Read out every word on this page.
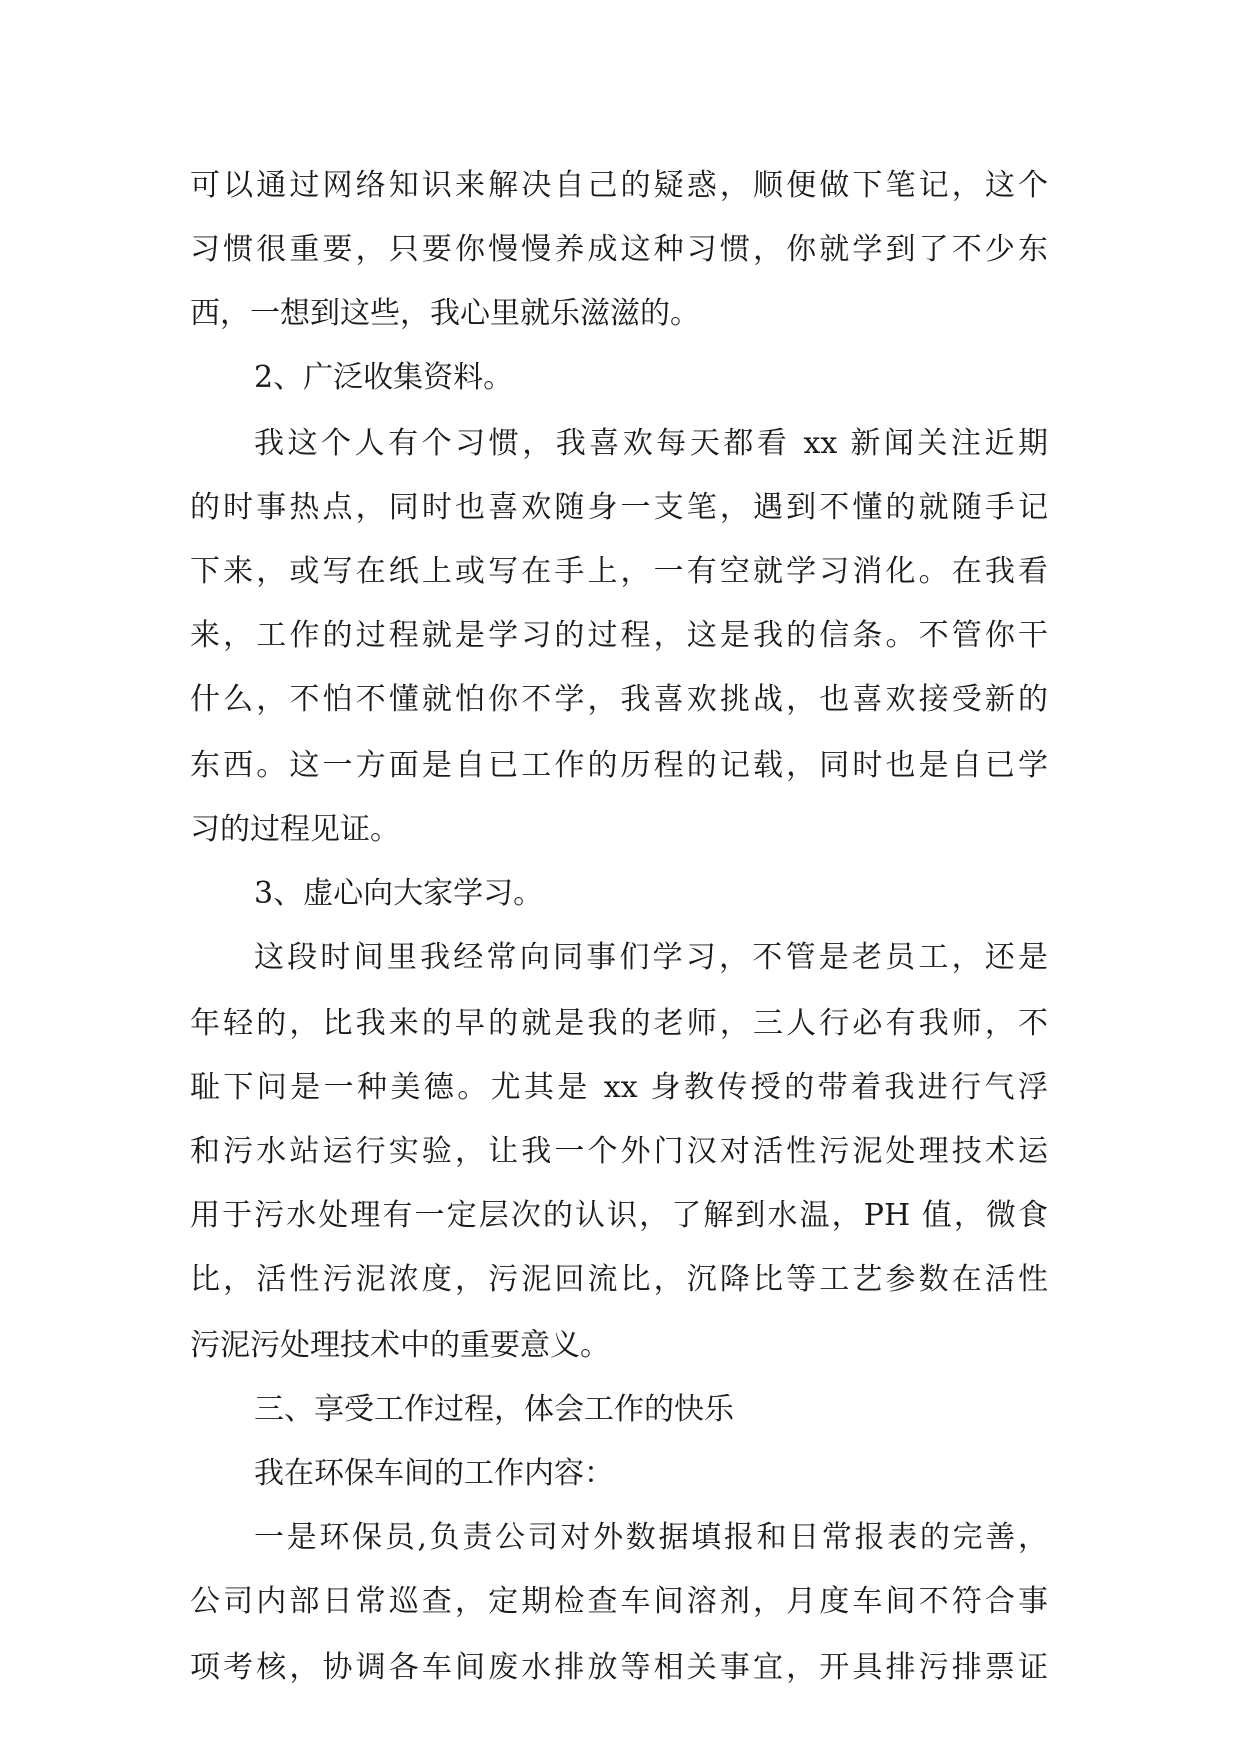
可以通过网络知识来解决自己的疑惑，顺便做下笔记，这个
习惯很重要，只要你慢慢养成这种习惯，你就学到了不少东
西，一想到这些，我心里就乐滋滋的。
2、广泛收集资料。
我这个人有个习惯，我喜欢每天都看 xx 新闻关注近期
的时事热点，同时也喜欢随身一支笔，遇到不懂的就随手记
下来，或写在纸上或写在手上，一有空就学习消化。在我看
来，工作的过程就是学习的过程，这是我的信条。不管你干
什么，不怕不懂就怕你不学，我喜欢挑战，也喜欢接受新的
东西。这一方面是自已工作的历程的记载，同时也是自已学
习的过程见证。
3、虚心向大家学习。
这段时间里我经常向同事们学习，不管是老员工，还是
年轻的，比我来的早的就是我的老师，三人行必有我师，不
耻下问是一种美德。尤其是 xx 身教传授的带着我进行气浮
和污水站运行实验，让我一个外门汉对活性污泥处理技术运
用于污水处理有一定层次的认识，了解到水温，PH 值，微食
比，活性污泥浓度，污泥回流比，沉降比等工艺参数在活性
污泥污处理技术中的重要意义。
三、享受工作过程，体会工作的快乐
我在环保车间的工作内容：
一是环保员,负责公司对外数据填报和日常报表的完善，
公司内部日常巡查，定期检查车间溶剂，月度车间不符合事
项考核，协调各车间废水排放等相关事宜，开具排污排票证
